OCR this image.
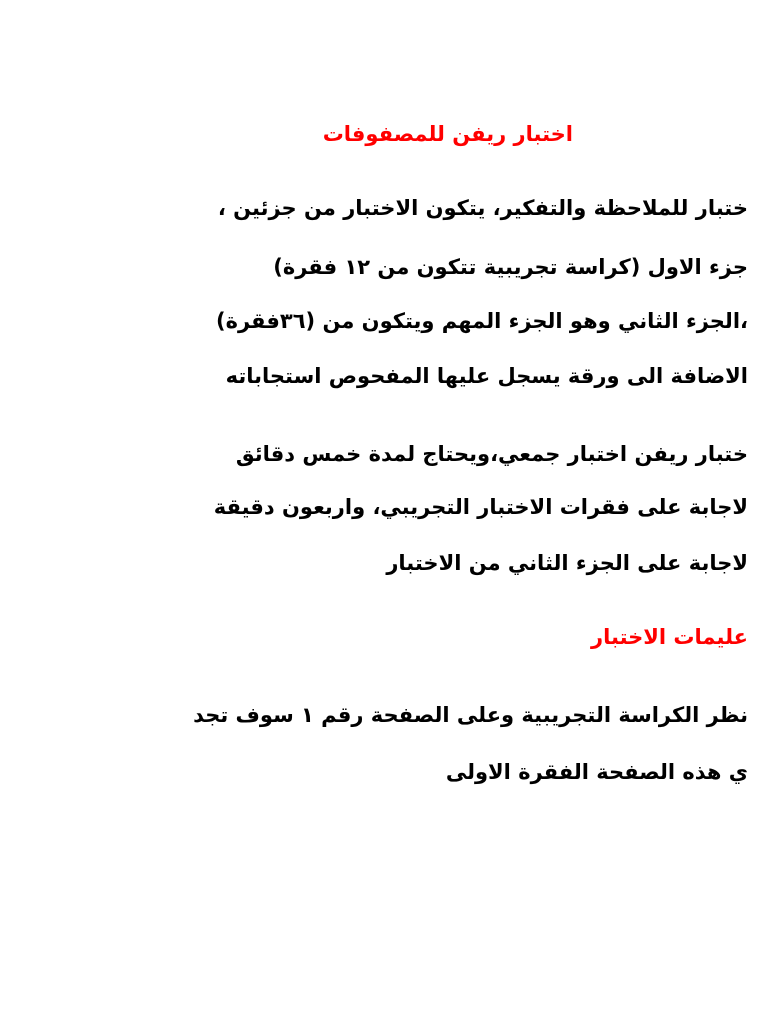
اختبار ريفن للمصفوفات
ختبار للملاحظة والتفكير، يتكون الاختبار من جزئين ،
جزء الاول (كراسة تجريبية تتكون من ١٢ فقرة)
،الجزء الثاني وهو الجزء المهم ويتكون من (٣٦فقرة)
الاضافة الى ورقة يسجل عليها المفحوص استجاباته
ختبار ريفن اختبار جمعي،ويحتاج لمدة خمس دقائق
لاجابة على فقرات الاختبار التجريبي، واربعون دقيقة
لاجابة على الجزء الثاني من الاختبار
عليمات الاختبار
نظر الكراسة التجريبية وعلى الصفحة رقم ١ سوف تجد
ي هذه الصفحة الفقرة الاولى
